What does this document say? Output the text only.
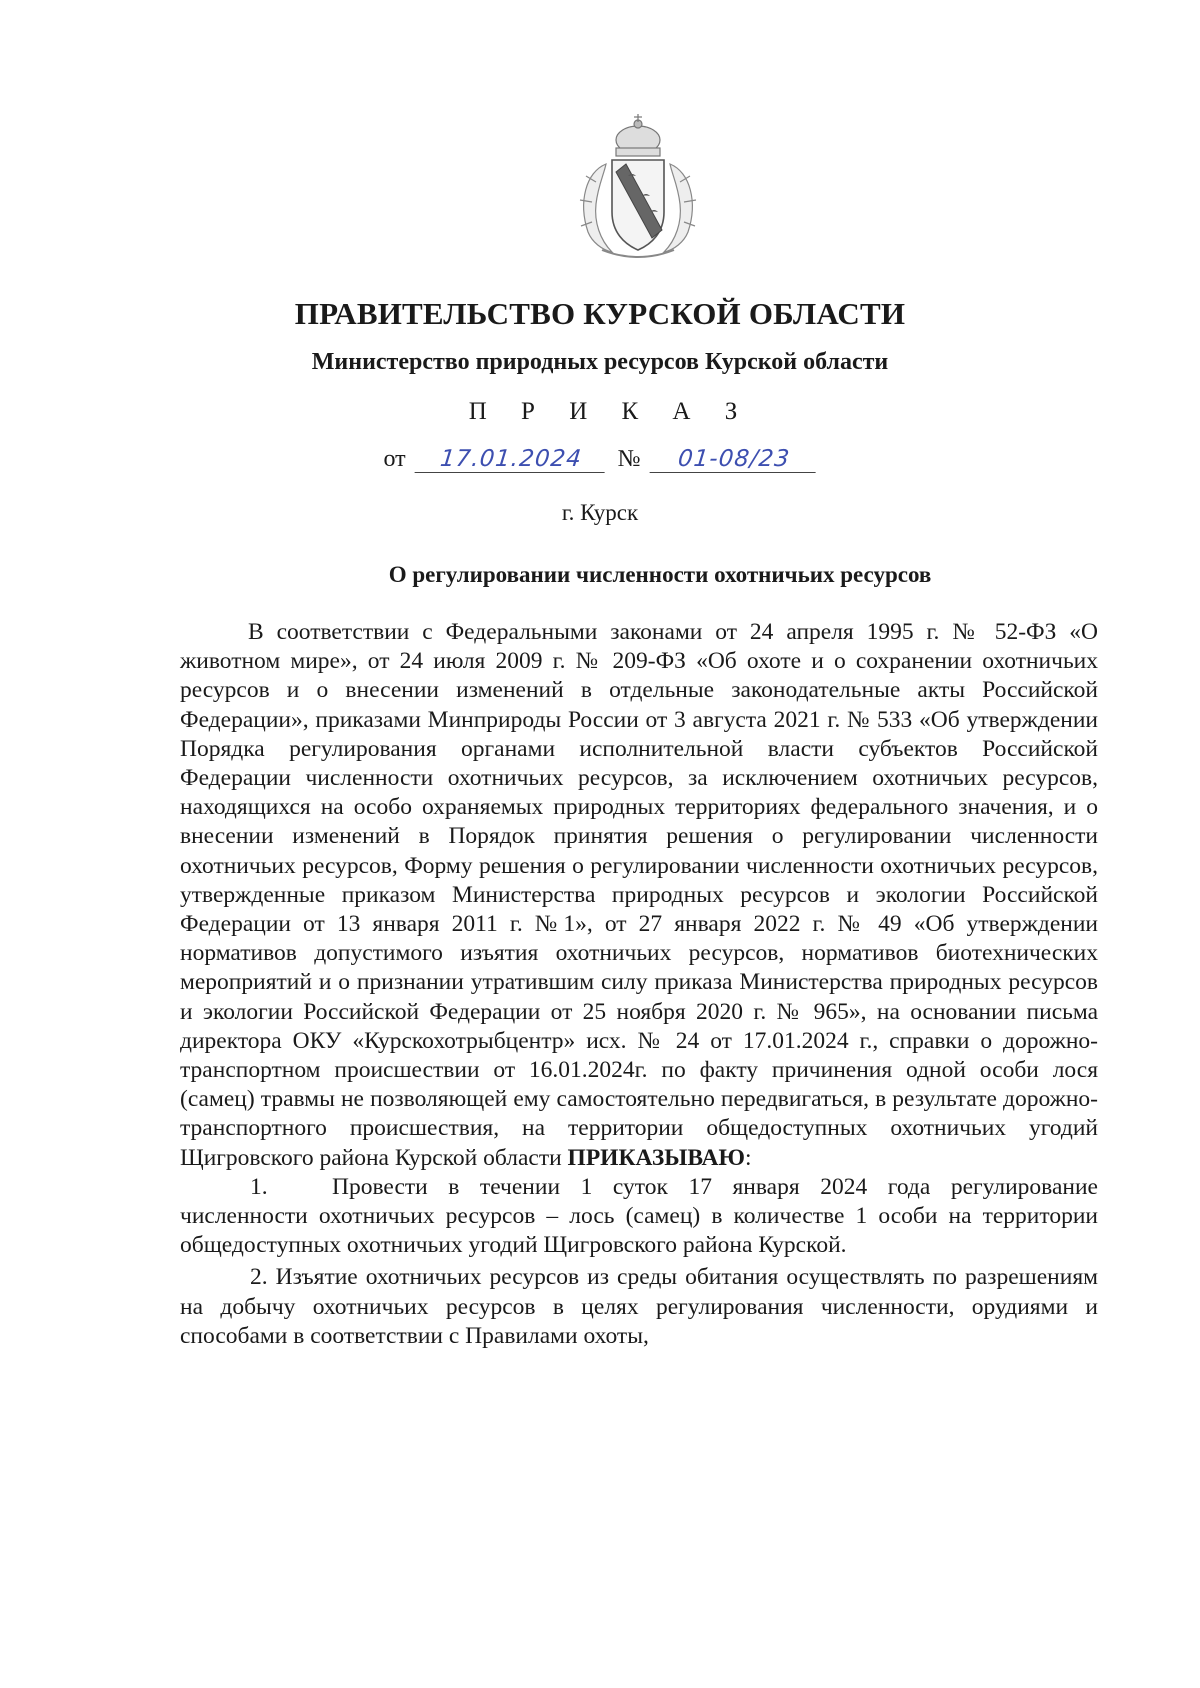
ПРАВИТЕЛЬСТВО КУРСКОЙ ОБЛАСТИ
Министерство природных ресурсов Курской области
П Р И К А З
от 17.01.2024 № 01-08/23
г. Курск
О регулировании численности охотничьих ресурсов

В соответствии с Федеральными законами от 24 апреля 1995 г. № 52-ФЗ «О животном мире», от 24 июля 2009 г. № 209-ФЗ «Об охоте и о сохранении охотничьих ресурсов и о внесении изменений в отдельные законодательные акты Российской Федерации», приказами Минприроды России от 3 августа 2021 г. № 533 «Об утверждении Порядка регулирования органами исполнительной власти субъектов Российской Федерации численности охотничьих ресурсов, за исключением охотничьих ресурсов, находящихся на особо охраняемых природных территориях федерального значения, и о внесении изменений в Порядок принятия решения о регулировании численности охотничьих ресурсов, Форму решения о регулировании численности охотничьих ресурсов, утвержденные приказом Министерства природных ресурсов и экологии Российской Федерации от 13 января 2011 г. №1», от 27 января 2022 г. № 49 «Об утверждении нормативов допустимого изъятия охотничьих ресурсов, нормативов биотехнических мероприятий и о признании утратившим силу приказа Министерства природных ресурсов и экологии Российской Федерации от 25 ноября 2020 г. № 965», на основании письма директора ОКУ «Курскохотрыбцентр» исх. № 24 от 17.01.2024 г., справки о дорожно-транспортном происшествии от 16.01.2024г. по факту причинения одной особи лося (самец) травмы не позволяющей ему самостоятельно передвигаться, в результате дорожно-транспортного происшествия, на территории общедоступных охотничьих угодий Щигровского района Курской области ПРИКАЗЫВАЮ:

1.	Провести в течении 1 суток 17 января 2024 года регулирование численности охотничьих ресурсов – лось (самец) в количестве 1 особи на территории общедоступных охотничьих угодий Щигровского района Курской.

2. Изъятие охотничьих ресурсов из среды обитания осуществлять по разрешениям на добычу охотничьих ресурсов в целях регулирования численности, орудиями и способами в соответствии с Правилами охоты,
